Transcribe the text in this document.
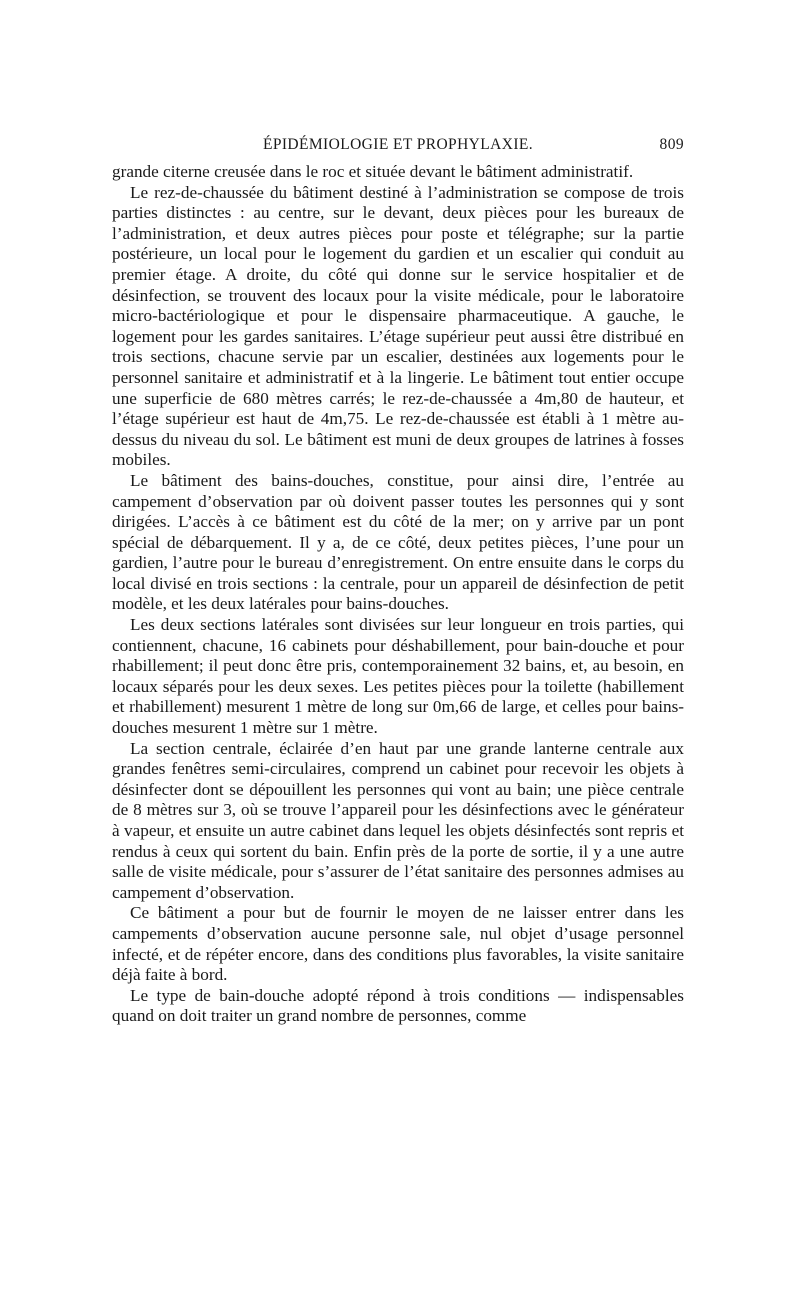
ÉPIDÉMIOLOGIE ET PROPHYLAXIE.	809

grande citerne creusée dans le roc et située devant le bâtiment administratif.

Le rez-de-chaussée du bâtiment destiné à l’administration se compose de trois parties distinctes : au centre, sur le devant, deux pièces pour les bureaux de l’administration, et deux autres pièces pour poste et télégraphe; sur la partie postérieure, un local pour le logement du gardien et un escalier qui conduit au premier étage. A droite, du côté qui donne sur le service hospitalier et de désinfection, se trouvent des locaux pour la visite médicale, pour le laboratoire micro-bactériologique et pour le dispensaire pharmaceutique. A gauche, le logement pour les gardes sanitaires. L’étage supérieur peut aussi être distribué en trois sections, chacune servie par un escalier, destinées aux logements pour le personnel sanitaire et administratif et à la lingerie. Le bâtiment tout entier occupe une superficie de 680 mètres carrés; le rez-de-chaussée a 4m,80 de hauteur, et l’étage supérieur est haut de 4m,75. Le rez-de-chaussée est établi à 1 mètre au-dessus du niveau du sol. Le bâtiment est muni de deux groupes de latrines à fosses mobiles.

Le bâtiment des bains-douches, constitue, pour ainsi dire, l’entrée au campement d’observation par où doivent passer toutes les personnes qui y sont dirigées. L’accès à ce bâtiment est du côté de la mer; on y arrive par un pont spécial de débarquement. Il y a, de ce côté, deux petites pièces, l’une pour un gardien, l’autre pour le bureau d’enregistrement. On entre ensuite dans le corps du local divisé en trois sections : la centrale, pour un appareil de désinfection de petit modèle, et les deux latérales pour bains-douches.

Les deux sections latérales sont divisées sur leur longueur en trois parties, qui contiennent, chacune, 16 cabinets pour déshabillement, pour bain-douche et pour rhabillement; il peut donc être pris, contemporainement 32 bains, et, au besoin, en locaux séparés pour les deux sexes. Les petites pièces pour la toilette (habillement et rhabillement) mesurent 1 mètre de long sur 0m,66 de large, et celles pour bains-douches mesurent 1 mètre sur 1 mètre.

La section centrale, éclairée d’en haut par une grande lanterne centrale aux grandes fenêtres semi-circulaires, comprend un cabinet pour recevoir les objets à désinfecter dont se dépouillent les personnes qui vont au bain; une pièce centrale de 8 mètres sur 3, où se trouve l’appareil pour les désinfections avec le générateur à vapeur, et ensuite un autre cabinet dans lequel les objets désinfectés sont repris et rendus à ceux qui sortent du bain. Enfin près de la porte de sortie, il y a une autre salle de visite médicale, pour s’assurer de l’état sanitaire des personnes admises au campement d’observation.

Ce bâtiment a pour but de fournir le moyen de ne laisser entrer dans les campements d’observation aucune personne sale, nul objet d’usage personnel infecté, et de répéter encore, dans des conditions plus favorables, la visite sanitaire déjà faite à bord.

Le type de bain-douche adopté répond à trois conditions — indispensables quand on doit traiter un grand nombre de personnes, comme
